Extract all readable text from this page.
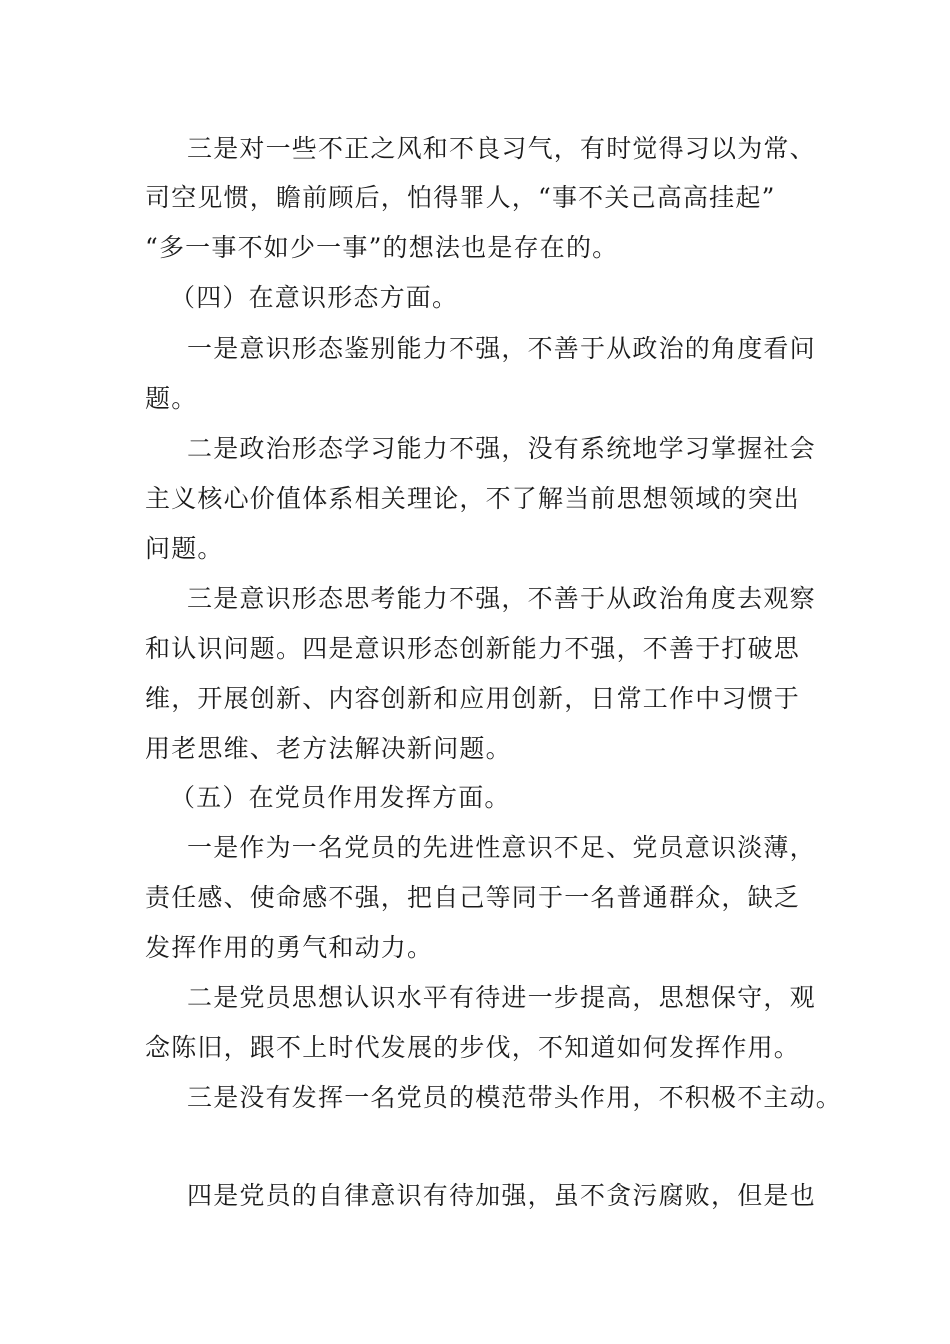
三是对一些不正之风和不良习气，有时觉得习以为常、
司空见惯，瞻前顾后，怕得罪人，“事不关己高高挂起”
“多一事不如少一事”的想法也是存在的。
（四）在意识形态方面。
一是意识形态鉴别能力不强，不善于从政治的角度看问
题。
二是政治形态学习能力不强，没有系统地学习掌握社会
主义核心价值体系相关理论，不了解当前思想领域的突出
问题。
三是意识形态思考能力不强，不善于从政治角度去观察
和认识问题。四是意识形态创新能力不强，不善于打破思
维，开展创新、内容创新和应用创新，日常工作中习惯于
用老思维、老方法解决新问题。
（五）在党员作用发挥方面。
一是作为一名党员的先进性意识不足、党员意识淡薄，
责任感、使命感不强，把自己等同于一名普通群众，缺乏
发挥作用的勇气和动力。
二是党员思想认识水平有待进一步提高，思想保守，观
念陈旧，跟不上时代发展的步伐，不知道如何发挥作用。
三是没有发挥一名党员的模范带头作用，不积极不主动。
四是党员的自律意识有待加强，虽不贪污腐败，但是也
